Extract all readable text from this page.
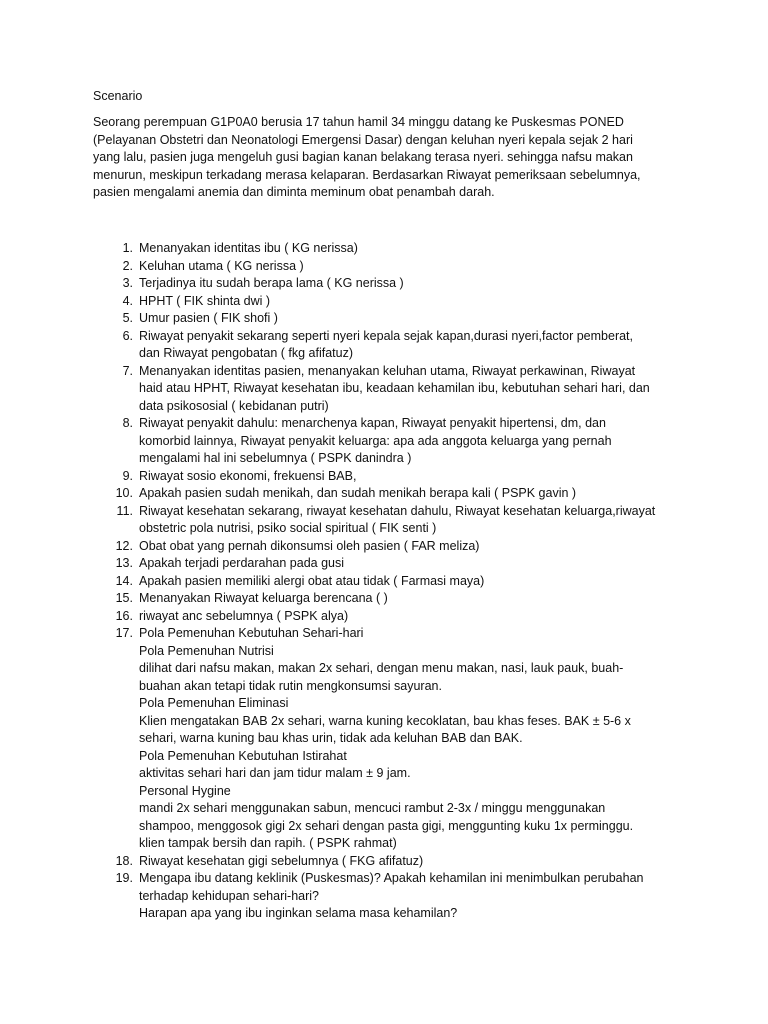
Scenario
Seorang perempuan G1P0A0 berusia 17 tahun hamil 34 minggu datang ke Puskesmas PONED
(Pelayanan Obstetri dan Neonatologi Emergensi Dasar) dengan keluhan nyeri kepala sejak 2 hari
yang lalu, pasien juga mengeluh gusi bagian kanan belakang terasa nyeri. sehingga nafsu makan
menurun, meskipun terkadang merasa kelaparan. Berdasarkan Riwayat pemeriksaan sebelumnya,
pasien mengalami anemia dan diminta meminum obat penambah darah.
1. Menanyakan identitas ibu ( KG nerissa)
2. Keluhan utama ( KG nerissa )
3. Terjadinya itu sudah berapa lama ( KG nerissa )
4. HPHT ( FIK shinta dwi )
5. Umur pasien ( FIK shofi )
6. Riwayat penyakit sekarang seperti nyeri kepala sejak kapan,durasi nyeri,factor pemberat,
dan Riwayat pengobatan ( fkg afifatuz)
7. Menanyakan identitas pasien, menanyakan keluhan utama, Riwayat perkawinan, Riwayat
haid atau HPHT, Riwayat kesehatan ibu, keadaan kehamilan ibu, kebutuhan sehari hari, dan
data psikososial ( kebidanan putri)
8. Riwayat penyakit dahulu: menarchenya kapan, Riwayat penyakit hipertensi, dm, dan
komorbid lainnya, Riwayat penyakit keluarga: apa ada anggota keluarga yang pernah
mengalami hal ini sebelumnya ( PSPK danindra )
9. Riwayat sosio ekonomi, frekuensi BAB,
10. Apakah pasien sudah menikah, dan sudah menikah berapa kali ( PSPK gavin )
11. Riwayat kesehatan sekarang, riwayat kesehatan dahulu, Riwayat kesehatan keluarga,riwayat
obstetric pola nutrisi, psiko social spiritual ( FIK senti )
12. Obat obat yang pernah dikonsumsi oleh pasien ( FAR meliza)
13. Apakah terjadi perdarahan pada gusi
14. Apakah pasien memiliki alergi obat atau tidak ( Farmasi maya)
15. Menanyakan Riwayat keluarga berencana ( )
16. riwayat anc sebelumnya ( PSPK alya)
17. Pola Pemenuhan Kebutuhan Sehari-hari
Pola Pemenuhan Nutrisi
dilihat dari nafsu makan, makan 2x sehari, dengan menu makan, nasi, lauk pauk, buah-
buahan akan tetapi tidak rutin mengkonsumsi sayuran.
Pola Pemenuhan Eliminasi
Klien mengatakan BAB 2x sehari, warna kuning kecoklatan, bau khas feses. BAK ± 5-6 x
sehari, warna kuning bau khas urin, tidak ada keluhan BAB dan BAK.
Pola Pemenuhan Kebutuhan Istirahat
aktivitas sehari hari dan jam tidur malam ± 9 jam.
Personal Hygine
mandi 2x sehari menggunakan sabun, mencuci rambut 2-3x / minggu menggunakan
shampoo, menggosok gigi 2x sehari dengan pasta gigi, menggunting kuku 1x perminggu.
klien tampak bersih dan rapih. ( PSPK rahmat)
18. Riwayat kesehatan gigi sebelumnya ( FKG afifatuz)
19. Mengapa ibu datang keklinik (Puskesmas)? Apakah kehamilan ini menimbulkan perubahan
terhadap kehidupan sehari-hari?
Harapan apa yang ibu inginkan selama masa kehamilan?
